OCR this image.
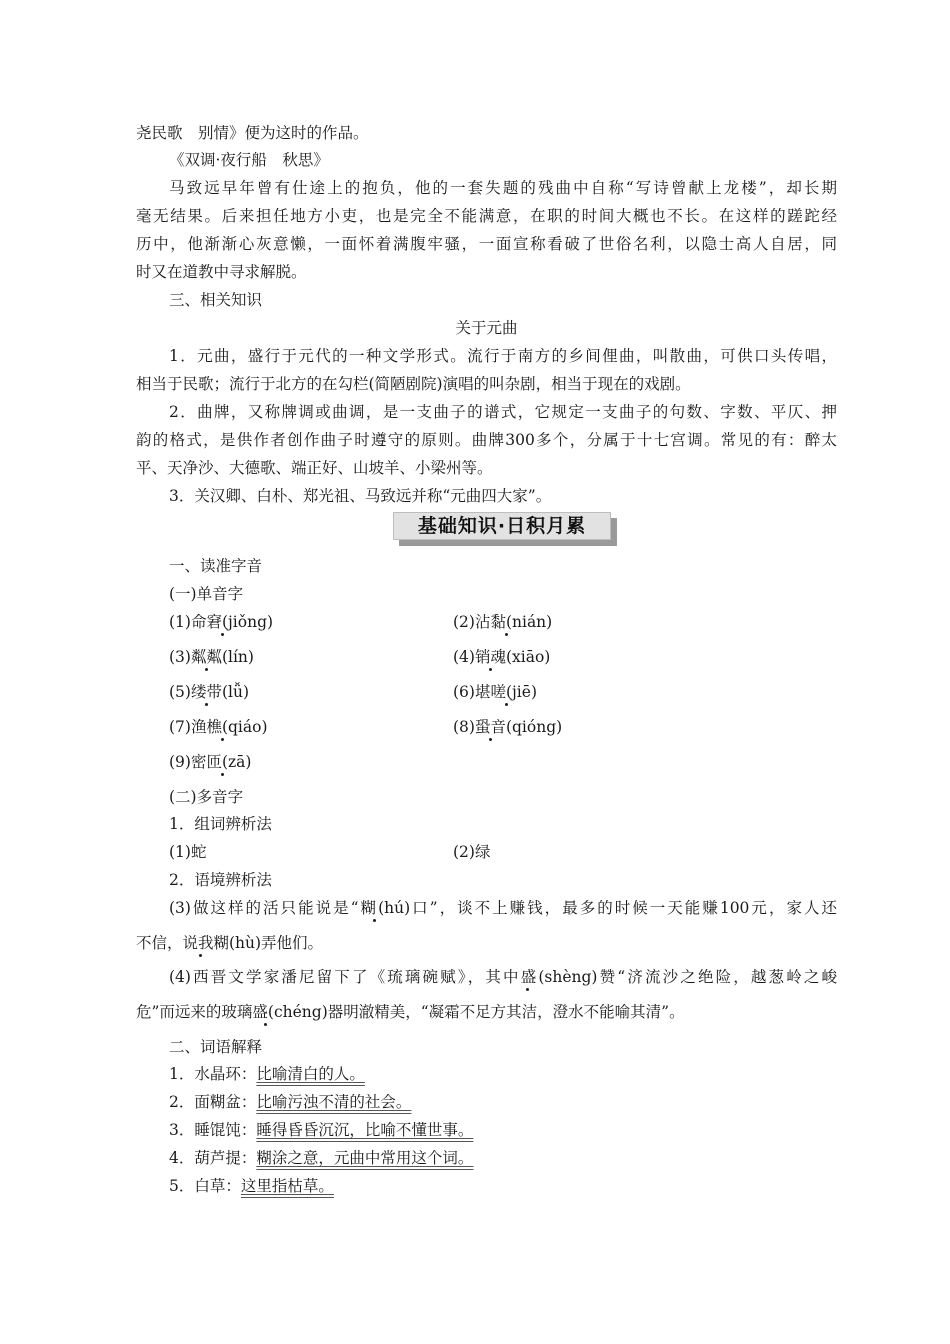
尧民歌　别情》便为这时的作品。
《双调·夜行船　秋思》
马致远早年曾有仕途上的抱负，他的一套失题的残曲中自称“写诗曾献上龙楼”，却长期
毫无结果。后来担任地方小吏，也是完全不能满意，在职的时间大概也不长。在这样的蹉跎经
历中，他渐渐心灰意懒，一面怀着满腹牢骚，一面宣称看破了世俗名利，以隐士高人自居，同
时又在道教中寻求解脱。
三、相关知识
关于元曲
1．元曲，盛行于元代的一种文学形式。流行于南方的乡间俚曲，叫散曲，可供口头传唱，
相当于民歌；流行于北方的在勾栏(简陋剧院)演唱的叫杂剧，相当于现在的戏剧。
2．曲牌，又称牌调或曲调，是一支曲子的谱式，它规定一支曲子的句数、字数、平仄、押
韵的格式，是供作者创作曲子时遵守的原则。曲牌300多个，分属于十七宫调。常见的有：醉太
平、天净沙、大德歌、端正好、山坡羊、小梁州等。
3．关汉卿、白朴、郑光祖、马致远并称“元曲四大家”。
基础知识·日积月累
一、读准字音
(一)单音字
(1)命窘(jiǒng)	(2)沾黏(nián)
(3)粼粼(lín)	(4)销魂(xiāo)
(5)缕带(lǚ)	(6)堪嗟(jiē)
(7)渔樵(qiáo)	(8)蛩音(qióng)
(9)密匝(zā)
(二)多音字
1．组词辨析法
(1)蛇	(2)绿
2．语境辨析法
(3)做这样的活只能说是“糊(hú)口”，谈不上赚钱，最多的时候一天能赚100元，家人还
不信，说我糊(hù)弄他们。
(4)西晋文学家潘尼留下了《琉璃碗赋》，其中盛(shèng)赞“济流沙之绝险，越葱岭之峻
危”而远来的玻璃盛(chéng)器明澈精美，“凝霜不足方其洁，澄水不能喻其清”。
二、词语解释
1．水晶环：比喻清白的人。
2．面糊盆：比喻污浊不清的社会。
3．睡馄饨：睡得昏昏沉沉，比喻不懂世事。
4．葫芦提：糊涂之意，元曲中常用这个词。
5．白草：这里指枯草。
